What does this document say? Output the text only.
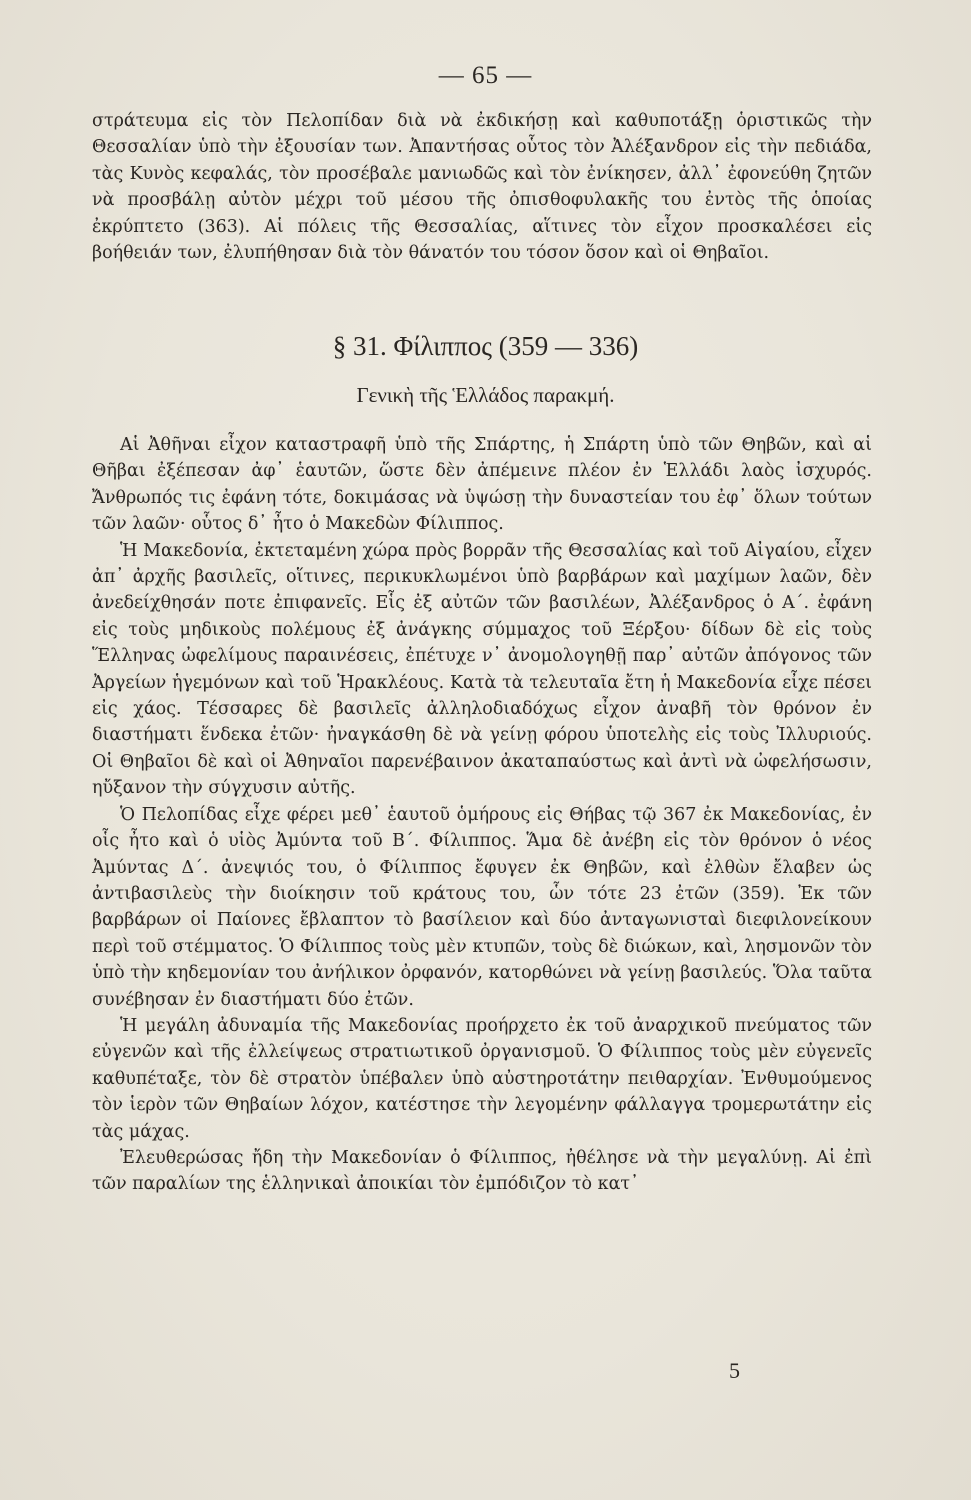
— 65 —

στράτευμα εἰς τὸν Πελοπίδαν διὰ νὰ ἐκδικήσῃ καὶ καθυποτάξῃ ὁριστικῶς τὴν Θεσσαλίαν ὑπὸ τὴν ἐξουσίαν των. Ἀπαντήσας οὗτος τὸν Ἀλέξανδρον εἰς τὴν πεδιάδα, τὰς Κυνὸς κεφαλάς, τὸν προσέβαλε μανιωδῶς καὶ τὸν ἐνίκησεν, ἀλλ᾽ ἐφονεύθη ζητῶν νὰ προσβάλῃ αὐτὸν μέχρι τοῦ μέσου τῆς ὀπισθοφυλακῆς του ἐντὸς τῆς ὁποίας ἐκρύπτετο (363). Αἱ πόλεις τῆς Θεσσαλίας, αἵτινες τὸν εἶχον προσκαλέσει εἰς βοήθειάν των, ἐλυπήθησαν διὰ τὸν θάνατόν του τόσον ὅσον καὶ οἱ Θηβαῖοι.

§ 31. Φίλιππος (359 — 336)
Γενικὴ τῆς Ἑλλάδος παρακμή.

Αἱ Ἀθῆναι εἶχον καταστραφῆ ὑπὸ τῆς Σπάρτης, ἡ Σπάρτη ὑπὸ τῶν Θηβῶν, καὶ αἱ Θῆβαι ἐξέπεσαν ἀφ᾽ ἑαυτῶν, ὥστε δὲν ἀπέμεινε πλέον ἐν Ἑλλάδι λαὸς ἰσχυρός. Ἄνθρωπός τις ἐφάνη τότε, δοκιμάσας νὰ ὑψώσῃ τὴν δυναστείαν του ἐφ᾽ ὅλων τούτων τῶν λαῶν· οὗτος δ᾽ ἦτο ὁ Μακεδὼν Φίλιππος.

Ἡ Μακεδονία, ἐκτεταμένη χώρα πρὸς βορρᾶν τῆς Θεσσαλίας καὶ τοῦ Αἰγαίου, εἶχεν ἀπ᾽ ἀρχῆς βασιλεῖς, οἵτινες, περικυκλωμένοι ὑπὸ βαρβάρων καὶ μαχίμων λαῶν, δὲν ἀνεδείχθησάν ποτε ἐπιφανεῖς. Εἷς ἐξ αὐτῶν τῶν βασιλέων, Ἀλέξανδρος ὁ Α΄. ἐφάνη εἰς τοὺς μηδικοὺς πολέμους ἐξ ἀνάγκης σύμμαχος τοῦ Ξέρξου· δίδων δὲ εἰς τοὺς Ἕλληνας ὠφελίμους παραινέσεις, ἐπέτυχε ν᾽ ἀνομολογηθῇ παρ᾽ αὐτῶν ἀπόγονος τῶν Ἀργείων ἡγεμόνων καὶ τοῦ Ἡρακλέους. Κατὰ τὰ τελευταῖα ἔτη ἡ Μακεδονία εἶχε πέσει εἰς χάος. Τέσσαρες δὲ βασιλεῖς ἀλληλοδιαδόχως εἶχον ἀναβῆ τὸν θρόνον ἐν διαστήματι ἕνδεκα ἐτῶν· ἠναγκάσθη δὲ νὰ γείνῃ φόρου ὑποτελὴς εἰς τοὺς Ἰλλυριούς. Οἱ Θηβαῖοι δὲ καὶ οἱ Ἀθηναῖοι παρενέβαινον ἀκαταπαύστως καὶ ἀντὶ νὰ ὠφελήσωσιν, ηὔξανον τὴν σύγχυσιν αὐτῆς.

Ὁ Πελοπίδας εἶχε φέρει μεθ᾽ ἑαυτοῦ ὁμήρους εἰς Θήβας τῷ 367 ἐκ Μακεδονίας, ἐν οἷς ἦτο καὶ ὁ υἱὸς Ἀμύντα τοῦ Β΄. Φίλιππος. Ἅμα δὲ ἀνέβη εἰς τὸν θρόνον ὁ νέος Ἀμύντας Δ΄. ἀνεψιός του, ὁ Φίλιππος ἔφυγεν ἐκ Θηβῶν, καὶ ἐλθὼν ἔλαβεν ὡς ἀντιβασιλεὺς τὴν διοίκησιν τοῦ κράτους του, ὧν τότε 23 ἐτῶν (359). Ἐκ τῶν βαρβάρων οἱ Παίονες ἔβλαπτον τὸ βασίλειον καὶ δύο ἀνταγωνισταὶ διεφιλονείκουν περὶ τοῦ στέμματος. Ὁ Φίλιππος τοὺς μὲν κτυπῶν, τοὺς δὲ διώκων, καὶ, λησμονῶν τὸν ὑπὸ τὴν κηδεμονίαν του ἀνήλικον ὀρφανόν, κατορθώνει νὰ γείνῃ βασιλεύς. Ὅλα ταῦτα συνέβησαν ἐν διαστήματι δύο ἐτῶν.

Ἡ μεγάλη ἀδυναμία τῆς Μακεδονίας προήρχετο ἐκ τοῦ ἀναρχικοῦ πνεύματος τῶν εὐγενῶν καὶ τῆς ἐλλείψεως στρατιωτικοῦ ὀργανισμοῦ. Ὁ Φίλιππος τοὺς μὲν εὐγενεῖς καθυπέταξε, τὸν δὲ στρατὸν ὑπέβαλεν ὑπὸ αὐστηροτάτην πειθαρχίαν. Ἐνθυμούμενος τὸν ἱερὸν τῶν Θηβαίων λόχον, κατέστησε τὴν λεγομένην φάλλαγγα τρομερωτάτην εἰς τὰς μάχας.

Ἐλευθερώσας ἤδη τὴν Μακεδονίαν ὁ Φίλιππος, ἠθέλησε νὰ τὴν μεγαλύνῃ. Αἱ ἐπὶ τῶν παραλίων της ἑλληνικαὶ ἀποικίαι τὸν ἐμπόδιζον τὸ κατ᾽

5
